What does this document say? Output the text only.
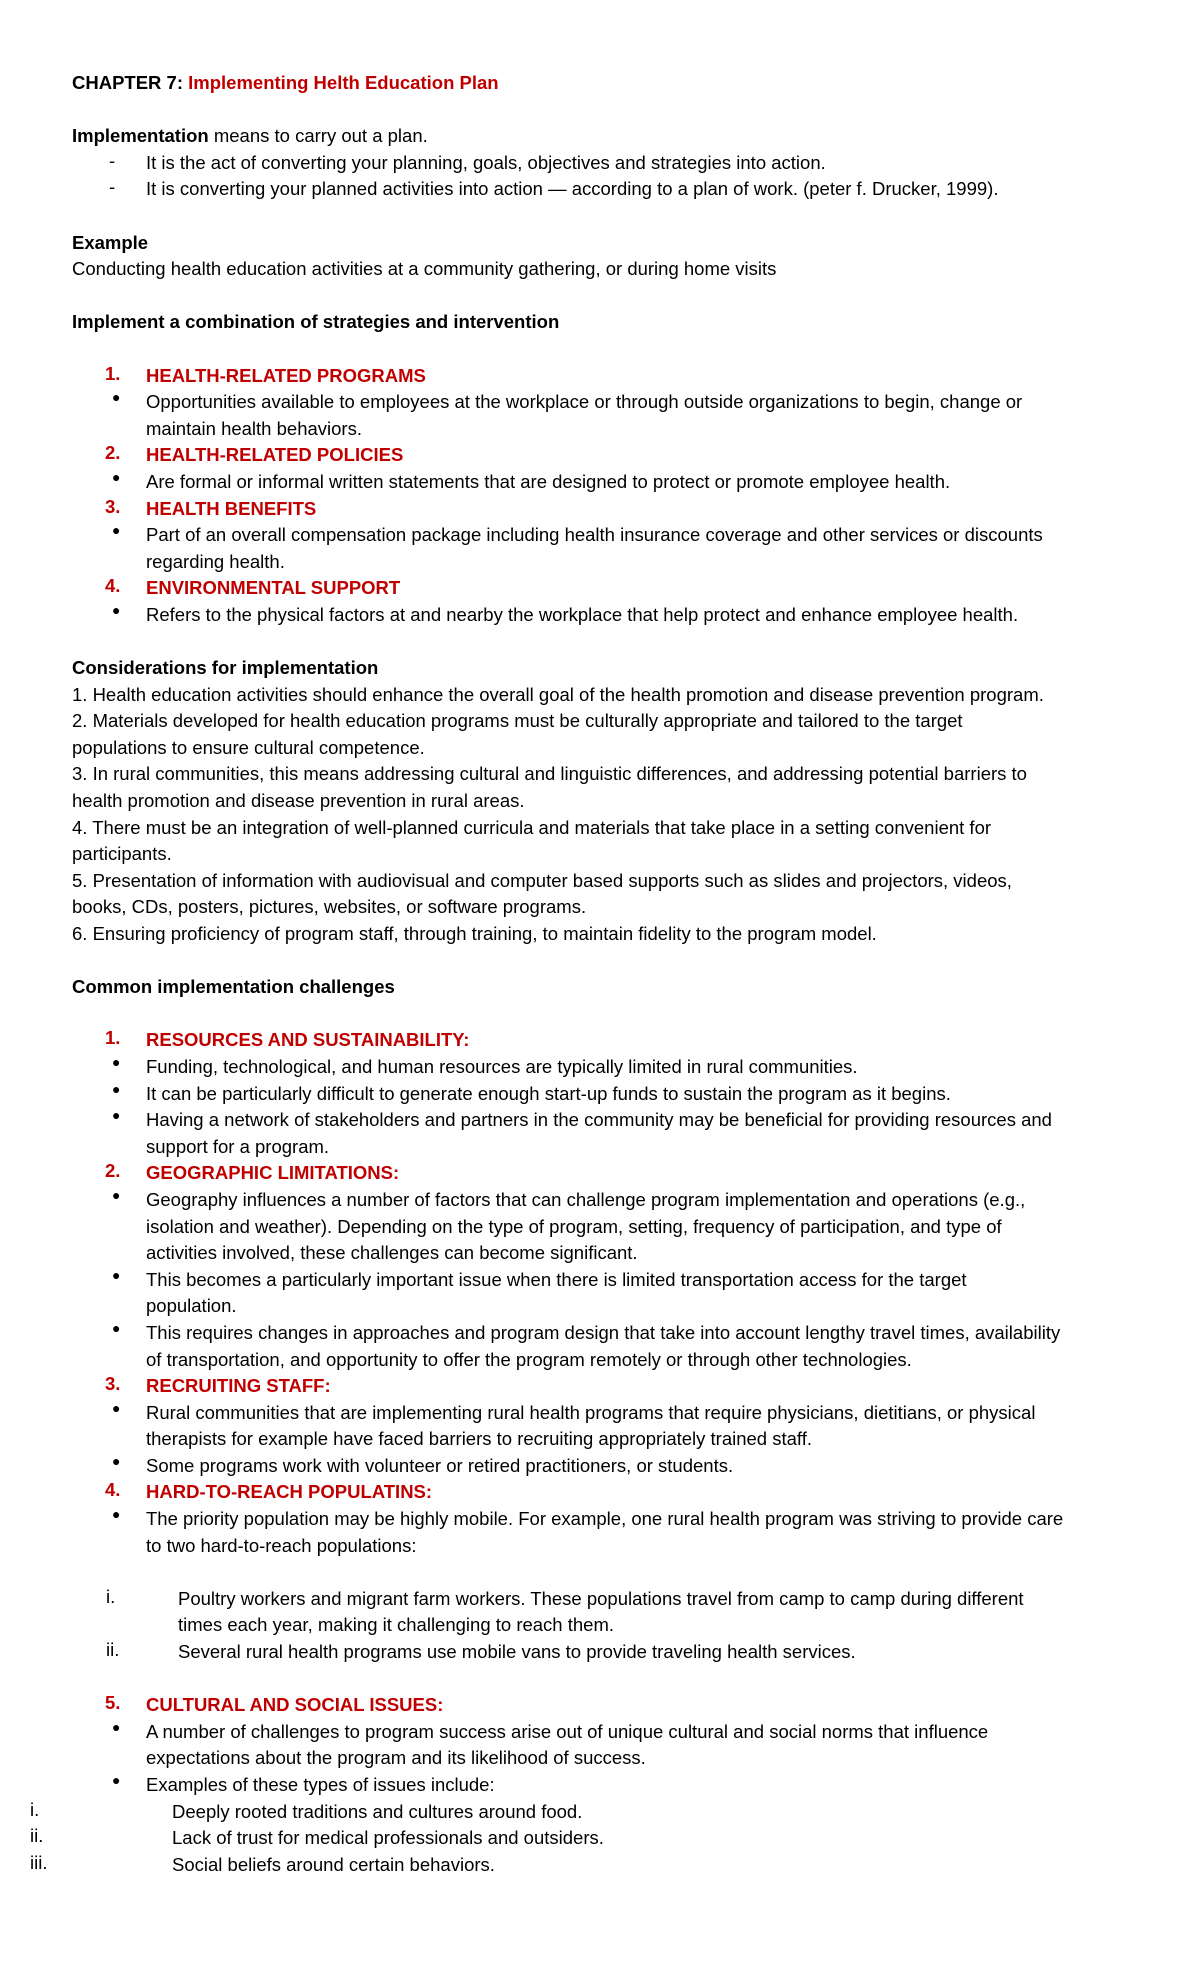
CHAPTER 7: Implementing Helth Education Plan

Implementation means to carry out a plan.

- It is the act of converting your planning, goals, objectives and strategies into action.

- It is converting your planned activities into action — according to a plan of work. (peter f. Drucker, 1999).

Example

Conducting health education activities at a community gathering, or during home visits

Implement a combination of strategies and intervention

1. HEALTH-RELATED PROGRAMS

● Opportunities available to employees at the workplace or through outside organizations to begin, change or

maintain health behaviors.

2. HEALTH-RELATED POLICIES

● Are formal or informal written statements that are designed to protect or promote employee health.

3. HEALTH BENEFITS

● Part of an overall compensation package including health insurance coverage and other services or discounts

regarding health.

4. ENVIRONMENTAL SUPPORT

● Refers to the physical factors at and nearby the workplace that help protect and enhance employee health.

Considerations for implementation

1. Health education activities should enhance the overall goal of the health promotion and disease prevention program.

2. Materials developed for health education programs must be culturally appropriate and tailored to the target

populations to ensure cultural competence.

3. In rural communities, this means addressing cultural and linguistic differences, and addressing potential barriers to

health promotion and disease prevention in rural areas.

4. There must be an integration of well-planned curricula and materials that take place in a setting convenient for

participants.

5. Presentation of information with audiovisual and computer based supports such as slides and projectors, videos,

books, CDs, posters, pictures, websites, or software programs.

6. Ensuring proficiency of program staff, through training, to maintain fidelity to the program model.

Common implementation challenges

1. RESOURCES AND SUSTAINABILITY:

● Funding, technological, and human resources are typically limited in rural communities.

● It can be particularly difficult to generate enough start-up funds to sustain the program as it begins.

● Having a network of stakeholders and partners in the community may be beneficial for providing resources and

support for a program.

2. GEOGRAPHIC LIMITATIONS:

● Geography influences a number of factors that can challenge program implementation and operations (e.g.,

isolation and weather). Depending on the type of program, setting, frequency of participation, and type of

activities involved, these challenges can become significant.

● This becomes a particularly important issue when there is limited transportation access for the target

population.

● This requires changes in approaches and program design that take into account lengthy travel times, availability

of transportation, and opportunity to offer the program remotely or through other technologies.

3. RECRUITING STAFF:

● Rural communities that are implementing rural health programs that require physicians, dietitians, or physical

therapists for example have faced barriers to recruiting appropriately trained staff.

● Some programs work with volunteer or retired practitioners, or students.

4. HARD-TO-REACH POPULATINS:

● The priority population may be highly mobile. For example, one rural health program was striving to provide care

to two hard-to-reach populations:

i.	Poultry workers and migrant farm workers. These populations travel from camp to camp during different

times each year, making it challenging to reach them.

ii.	Several rural health programs use mobile vans to provide traveling health services.

5. CULTURAL AND SOCIAL ISSUES:

● A number of challenges to program success arise out of unique cultural and social norms that influence

expectations about the program and its likelihood of success.

● Examples of these types of issues include:

i.	Deeply rooted traditions and cultures around food.

ii.	Lack of trust for medical professionals and outsiders.

iii.	Social beliefs around certain behaviors.
